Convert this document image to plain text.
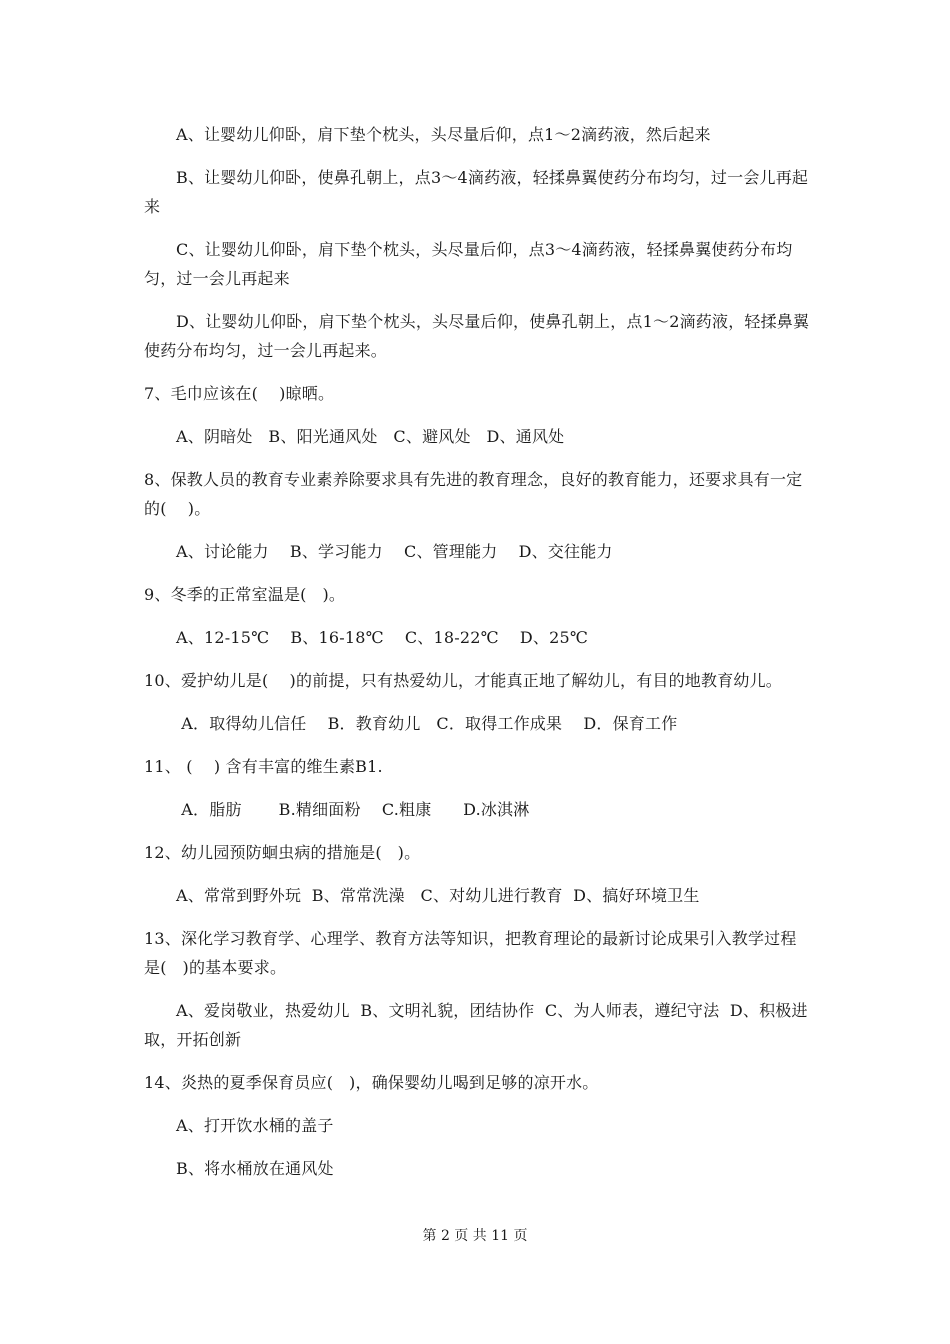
A、让婴幼儿仰卧，肩下垫个枕头，头尽量后仰，点1～2滴药液，然后起来
B、让婴幼儿仰卧，使鼻孔朝上，点3～4滴药液，轻揉鼻翼使药分布均匀，过一会儿再起来
C、让婴幼儿仰卧，肩下垫个枕头，头尽量后仰，点3～4滴药液，轻揉鼻翼使药分布均匀，过一会儿再起来
D、让婴幼儿仰卧，肩下垫个枕头，头尽量后仰，使鼻孔朝上，点1～2滴药液，轻揉鼻翼使药分布均匀，过一会儿再起来。
7、毛巾应该在(    )晾晒。
A、阴暗处   B、阳光通风处   C、避风处   D、通风处
8、保教人员的教育专业素养除要求具有先进的教育理念，良好的教育能力，还要求具有一定的(    )。
A、讨论能力    B、学习能力    C、管理能力    D、交往能力
9、冬季的正常室温是(   )。
A、12-15℃    B、16-18℃    C、18-22℃    D、25℃
10、爱护幼儿是(    )的前提，只有热爱幼儿，才能真正地了解幼儿，有目的地教育幼儿。
A．取得幼儿信任    B．教育幼儿   C．取得工作成果    D．保育工作
11、 (    ) 含有丰富的维生素B1.
A．脂肪       B.精细面粉    C.粗康      D.冰淇淋
12、幼儿园预防蛔虫病的措施是(   )。
A、常常到野外玩  B、常常洗澡   C、对幼儿进行教育  D、搞好环境卫生
13、深化学习教育学、心理学、教育方法等知识，把教育理论的最新讨论成果引入教学过程是(   )的基本要求。
A、爱岗敬业，热爱幼儿  B、文明礼貌，团结协作  C、为人师表，遵纪守法  D、积极进取，开拓创新
14、炎热的夏季保育员应(   )，确保婴幼儿喝到足够的凉开水。
A、打开饮水桶的盖子
B、将水桶放在通风处
第 2 页 共 11 页
